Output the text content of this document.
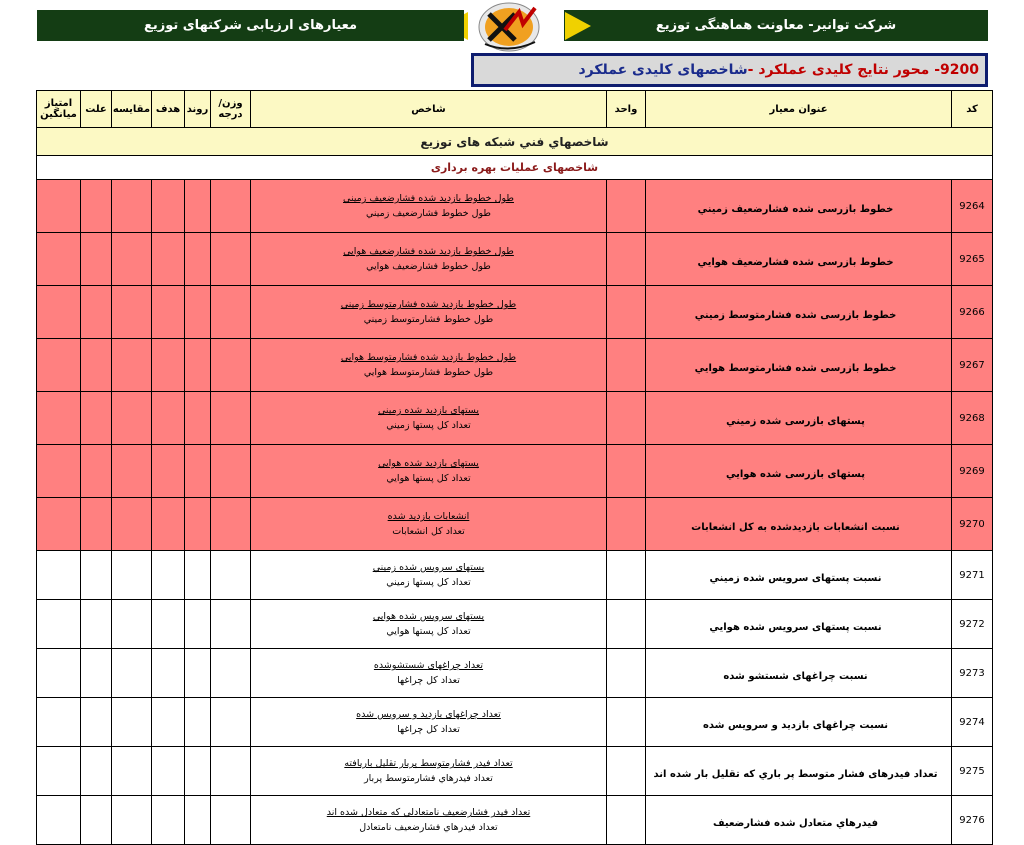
شرکت توانیر- معاونت هماهنگی توزیع
معیارهای ارزیابی شرکتهای توزیع
9200- محور نتایج کلیدی عملکرد -
شاخصهای کلیدی عملکرد
کد	عنوان معیار	واحد	شاخص	وزن/ درجه	روند	هدف	مقایسه	علت	امتیاز میانگین
شاخصهاي فني شبکه های توزيع									
شاخصهای عملیات بهره برداری									
9264	خطوط بازرسی شده فشارضعيف زميني		طول خطوط بازدید شده فشارضعيف زميني
طول خطوط فشارضعيف زميني						

9265	خطوط بازرسی شده فشارضعيف هوايي		طول خطوط بازدید شده فشارضعيف هوايي
طول خطوط فشارضعيف هوايي						

9266	خطوط بازرسی شده فشارمتوسط زميني		طول خطوط بازدید شده فشارمتوسط زميني
طول خطوط فشارمتوسط زميني						

9267	خطوط بازرسی شده فشارمتوسط هوايي		طول خطوط بازدید شده فشارمتوسط هوايي
طول خطوط فشارمتوسط هوايي						

9268	پستهای بازرسی شده زميني		پستهای بازدید شده زميني
تعداد کل پستها زميني						

9269	پستهای بازرسی شده هوايي		پستهای بازدید شده هوايي
تعداد کل پستها هوايي						

9270	نسبت انشعابات بازدیدشده به کل انشعابات		انشعابات بازدید شده
تعداد کل انشعابات						

9271	نسبت پستهای سرویس شده زميني		پستهای سرويس شده زميني
تعداد کل پستها زميني						

9272	نسبت پستهای سرویس شده هوايي		پستهای سرويس شده هوايي
تعداد کل پستها هوايي						

9273	نسبت چراغهای شستشو شده		تعداد چراغهای شستشوشده
تعداد کل چراغها						

9274	نسبت چراغهای بازدید و سرويس شده		تعداد چراغهای بازدید و سرويس شده
تعداد کل چراغها						

9275	تعداد فیدرهای فشار متوسط پر باري که تقلیل بار شده اند		تعداد فیدر فشارمتوسط پربار تقلیل باريافته
تعداد فیدرهاي فشارمتوسط پربار						

9276	فيدرهاي متعادل شده فشارضعيف		تعداد فیدر فشارضعیف نامتعادلي كه متعادل شده اند
تعداد فیدرهاي فشارضعيف نامتعادل						
